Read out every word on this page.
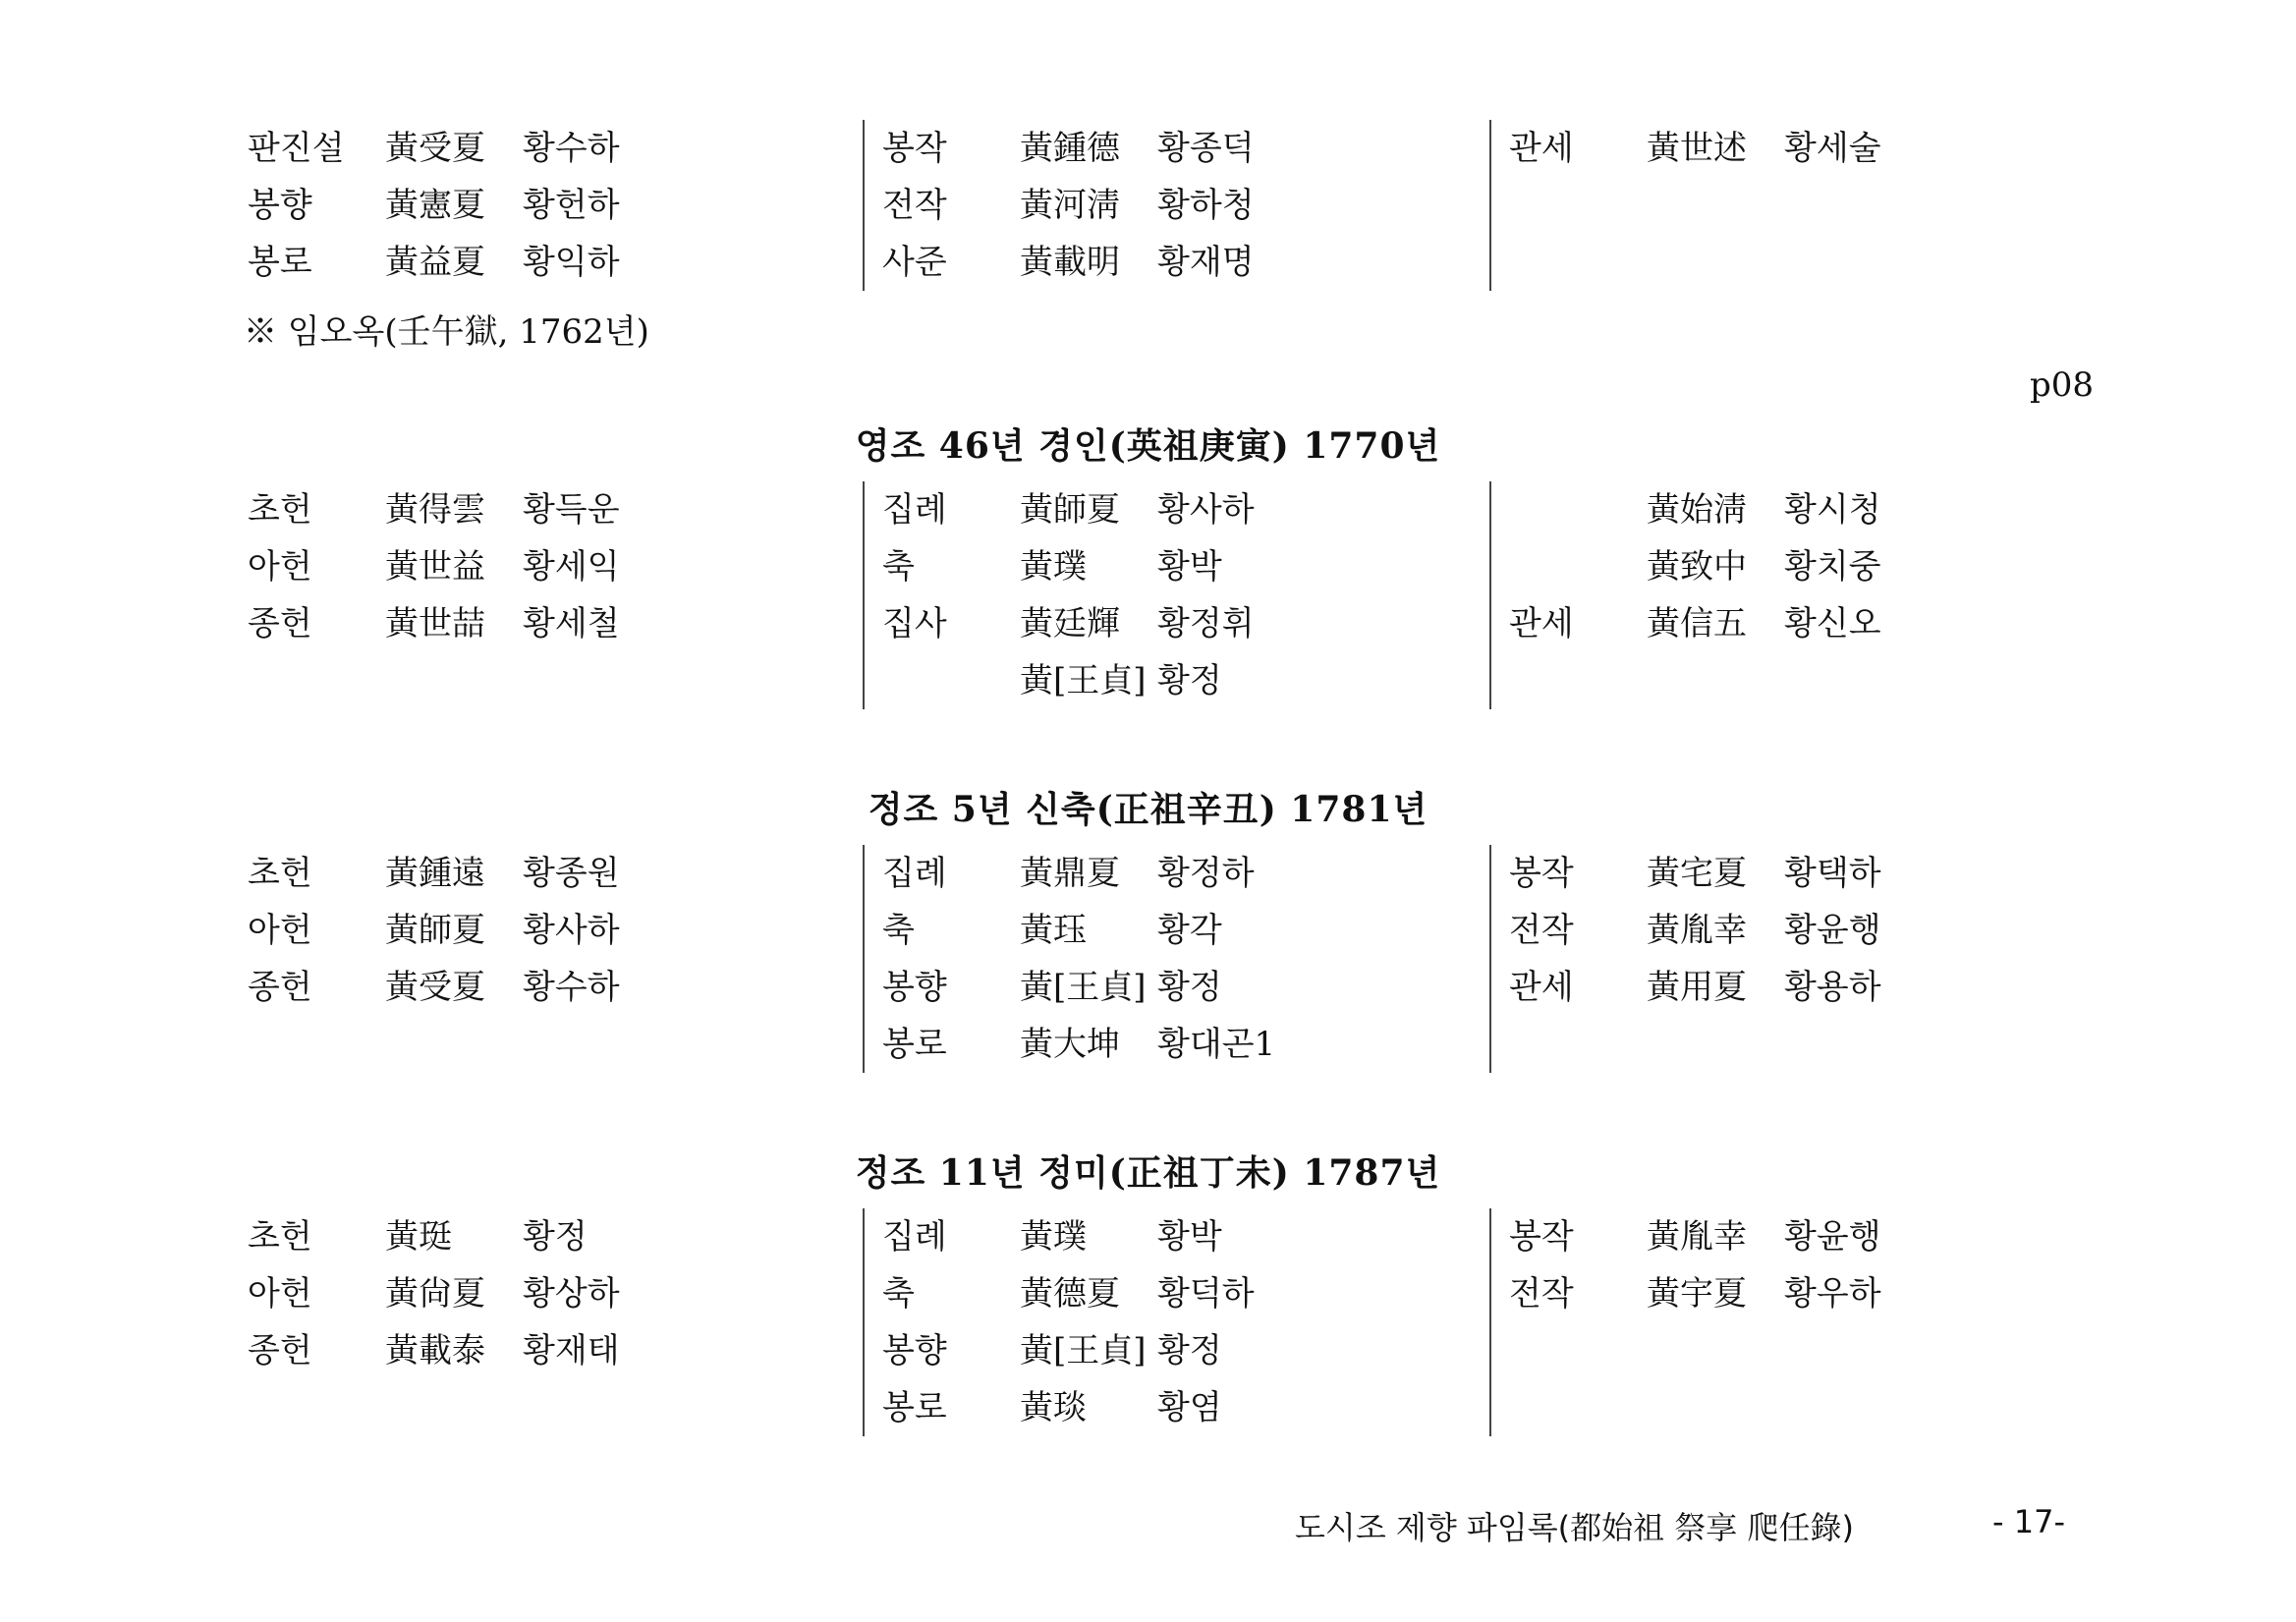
판진설 黃受夏 황수하
봉향 黃憲夏 황헌하
봉로 黃益夏 황익하
봉작 黃鍾德 황종덕
전작 黃河淸 황하청
사준 黃載明 황재명
관세 黃世述 황세술
※ 임오옥(壬午獄, 1762년)
p08
영조 46년 경인(英祖庚寅) 1770년
초헌 黃得雲 황득운
아헌 黃世益 황세익
종헌 黃世喆 황세철
집례 黃師夏 황사하
축	黃璞 황박
집사 黃廷輝 황정휘
黃[王貞] 황정
黃始淸 황시청
黃致中 황치중
관세 黃信五 황신오
정조 5년 신축(正祖辛丑) 1781년
초헌 黃鍾遠 황종원
아헌 黃師夏 황사하
종헌 黃受夏 황수하
집례 黃鼎夏 황정하
축	黃珏 황각
봉향 黃[王貞] 황정
봉로 黃大坤 황대곤1
봉작 黃宅夏 황택하
전작 黃胤幸 황윤행
관세 黃用夏 황용하
정조 11년 정미(正祖丁未) 1787년
초헌 黃珽 황정
아헌 黃尙夏 황상하
종헌 黃載泰 황재태
집례 黃璞 황박
축	黃德夏 황덕하
봉향 黃[王貞] 황정
봉로 黃琰 황염
봉작 黃胤幸 황윤행
전작 黃宇夏 황우하
도시조 제향 파임록(都始祖 祭享 爬任錄)	- 17-
